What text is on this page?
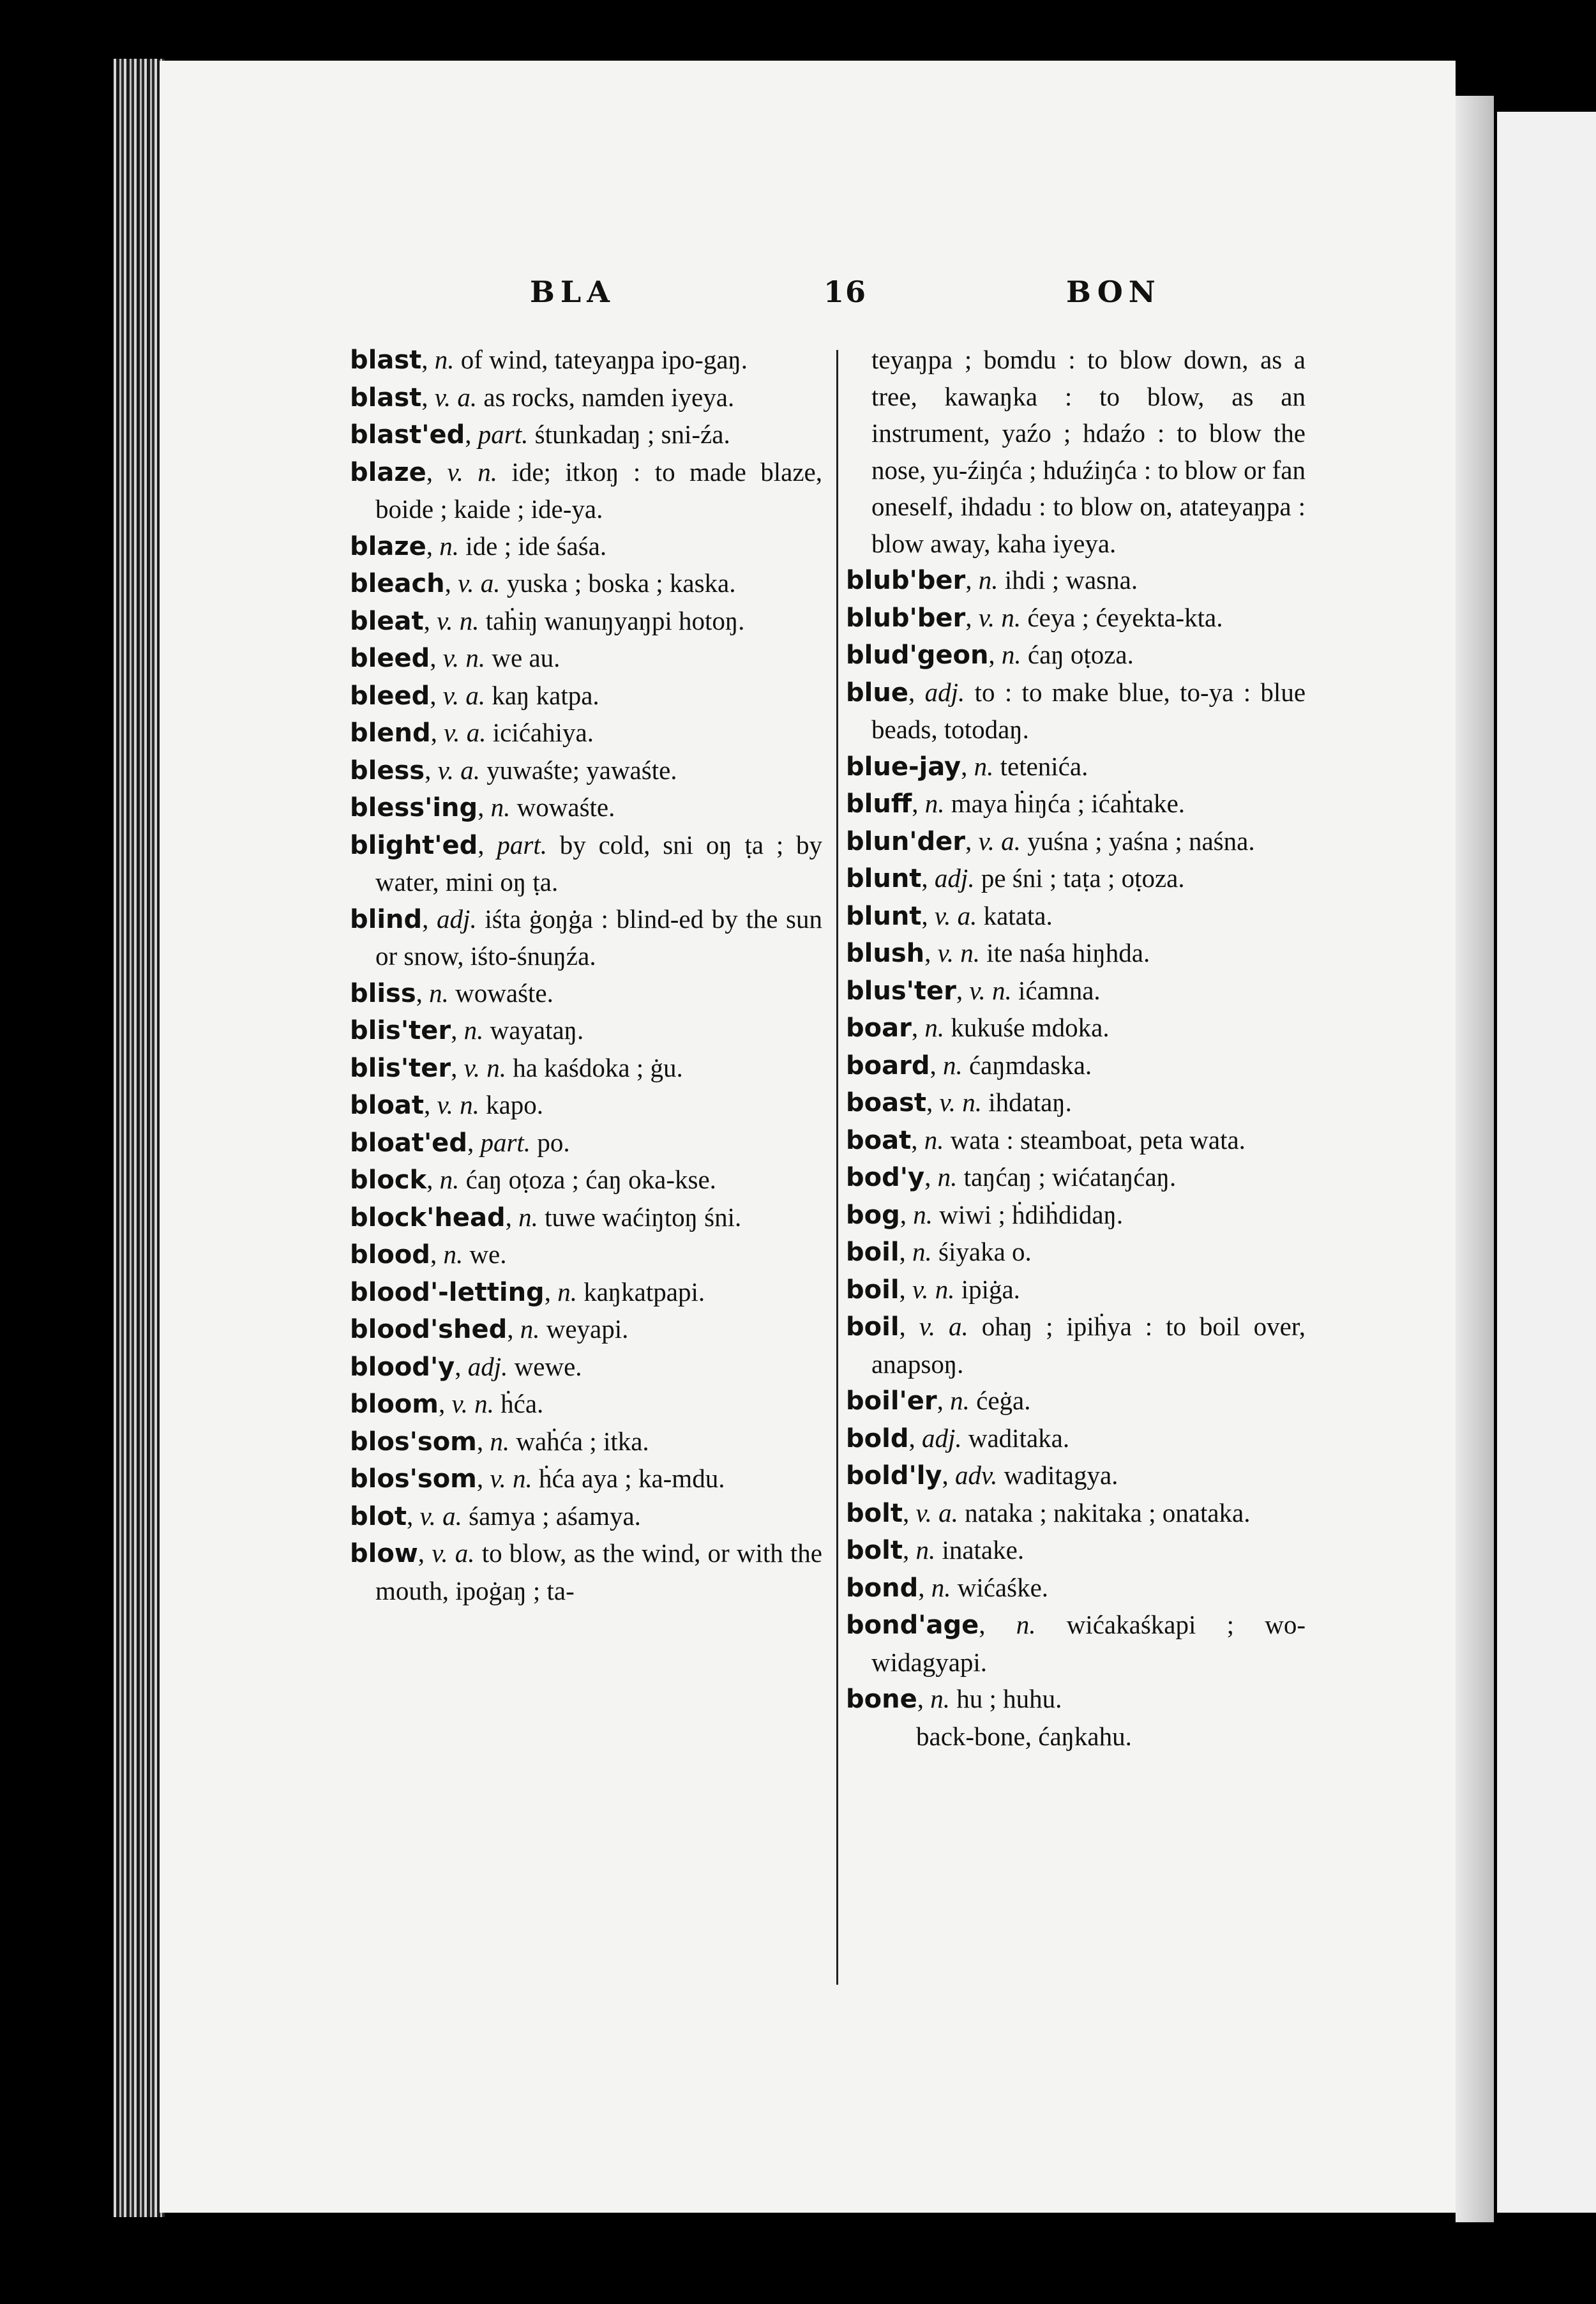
BLA	16	BON
blast, n. of wind, tateyaŋpa ipo-gaŋ.
blast, v. a. as rocks, namden iyeya.
blast'ed, part. śtunkadaŋ ; sni-źa.
blaze, v. n. ide; itkoŋ : to made blaze, boide ; kaide ; ide-ya.
blaze, n. ide ; ide śaśa.
bleach, v. a. yuska ; boska ; kaska.
bleat, v. n. taḣiŋ wanuŋyaŋpi hotoŋ.
bleed, v. n. we au.
bleed, v. a. kaŋ katpa.
blend, v. a. icićahiya.
bless, v. a. yuwaśte; yawaśte.
bless'ing, n. wowaśte.
blight'ed, part. by cold, sni oŋ ṭa ; by water, mini oŋ ṭa.
blind, adj. iśta ġoŋġa : blind-ed by the sun or snow, iśto-śnuŋźa.
bliss, n. wowaśte.
blis'ter, n. wayataŋ.
blis'ter, v. n. ha kaśdoka ; ġu.
bloat, v. n. kapo.
bloat'ed, part. po.
block, n. ćaŋ oṭoza ; ćaŋ oka-kse.
block'head, n. tuwe waćiŋtoŋ śni.
blood, n. we.
blood'-letting, n. kaŋkatpapi.
blood'shed, n. weyapi.
blood'y, adj. wewe.
bloom, v. n. ḣća.
blos'som, n. waḣća ; itka.
blos'som, v. n. ḣća aya ; ka-mdu.
blot, v. a. śamya ; aśamya.
blow, v. a. to blow, as the wind, or with the mouth, ipoġaŋ ; ta-
teyaŋpa ; bomdu : to blow down, as a tree, kawaŋka : to blow, as an instrument, yaźo ; hdaźo : to blow the nose, yu-źiŋća ; hduźiŋća : to blow or fan oneself, ihdadu : to blow on, atateyaŋpa : blow away, kaha iyeya.
blub'ber, n. ihdi ; wasna.
blub'ber, v. n. ćeya ; ćeyekta-kta.
blud'geon, n. ćaŋ oṭoza.
blue, adj. to : to make blue, to-ya : blue beads, totodaŋ.
blue-jay, n. tetenića.
bluff, n. maya ḣiŋća ; ićaḣtake.
blun'der, v. a. yuśna ; yaśna ; naśna.
blunt, adj. pe śni ; taṭa ; oṭoza.
blunt, v. a. katata.
blush, v. n. ite naśa hiŋhda.
blus'ter, v. n. ićamna.
boar, n. kukuśe mdoka.
board, n. ćaŋmdaska.
boast, v. n. ihdataŋ.
boat, n. wata : steamboat, peta wata.
bod'y, n. taŋćaŋ ; wićataŋćaŋ.
bog, n. wiwi ; ḣdiḣdidaŋ.
boil, n. śiyaka o.
boil, v. n. ipiġa.
boil, v. a. ohaŋ ; ipiḣya : to boil over, anapsoŋ.
boil'er, n. ćeġa.
bold, adj. waditaka.
bold'ly, adv. waditagya.
bolt, v. a. nataka ; nakitaka ; onataka.
bolt, n. inatake.
bond, n. wićaśke.
bond'age, n. wićakaśkapi ; wo-widagyapi.
bone, n. hu ; huhu.
back-bone, ćaŋkahu.
